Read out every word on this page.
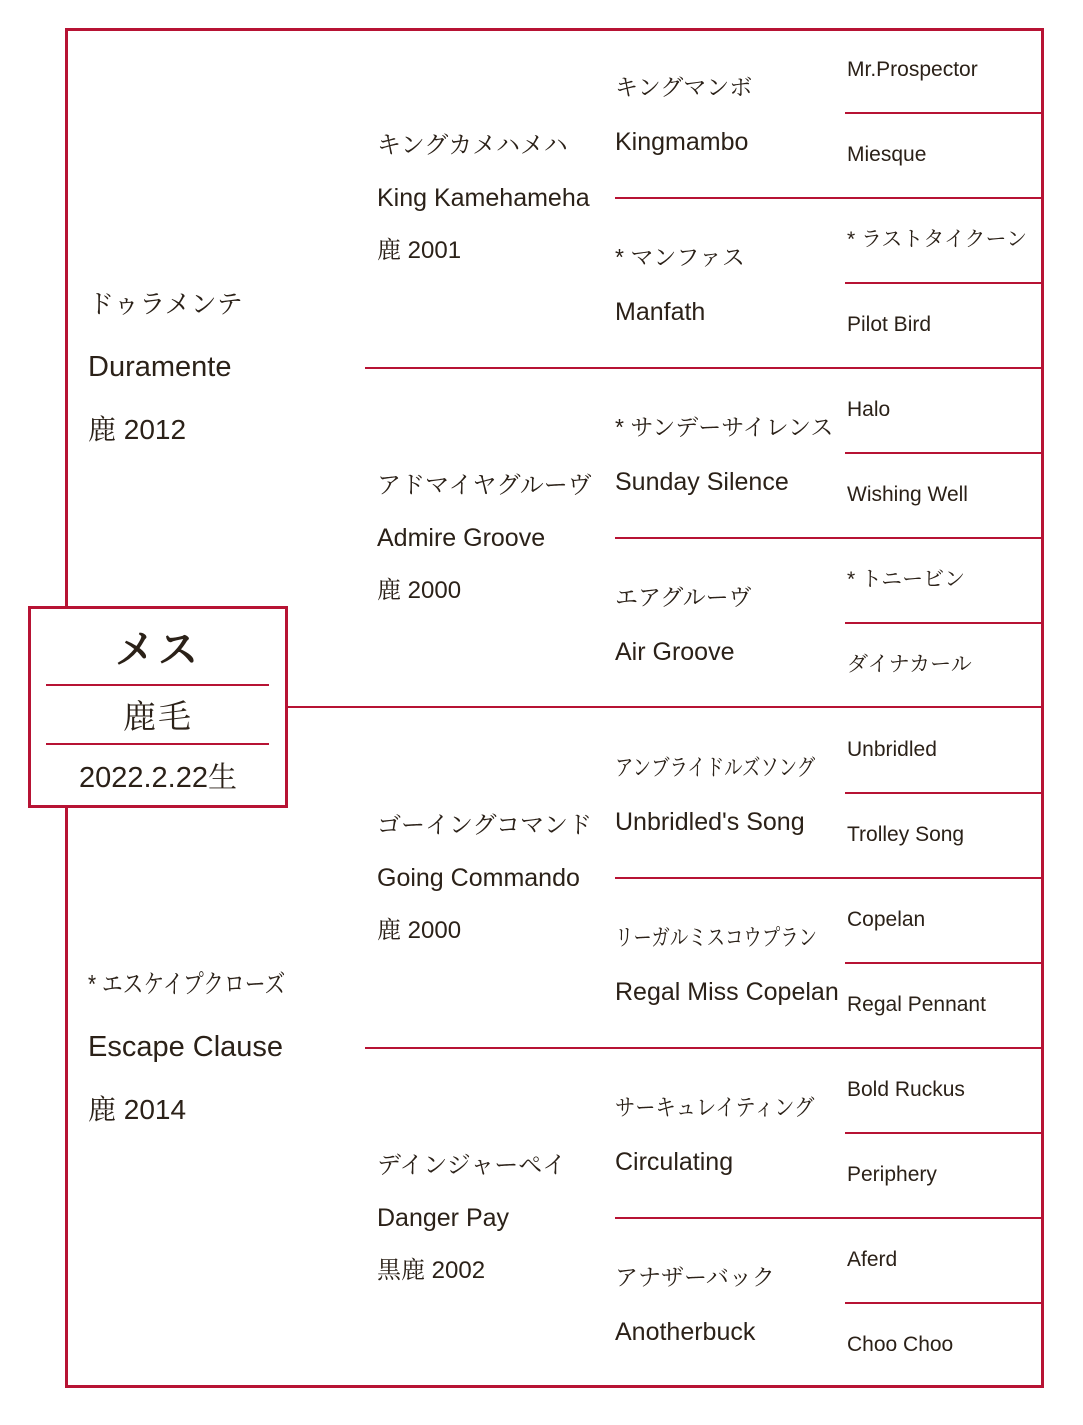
ドゥラメンテ
Duramente
鹿 2012
* エスケイプクローズ
Escape Clause
鹿 2014
キングカメハメハ
King Kamehameha
鹿 2001
アドマイヤグルーヴ
Admire Groove
鹿 2000
ゴーイングコマンド
Going Commando
鹿 2000
デインジャーペイ
Danger Pay
黒鹿 2002
キングマンボ
Kingmambo
* マンファス
Manfath
* サンデーサイレンス
Sunday Silence
エアグルーヴ
Air Groove
アンブライドルズソング
Unbridled's Song
リーガルミスコウプラン
Regal Miss Copelan
サーキュレイティング
Circulating
アナザーバック
Anotherbuck
Mr.Prospector
Miesque
* ラストタイクーン
Pilot Bird
Halo
Wishing Well
* トニービン
ダイナカール
Unbridled
Trolley Song
Copelan
Regal Pennant
Bold Ruckus
Periphery
Aferd
Choo Choo
メス
鹿毛
2022.2.22生
